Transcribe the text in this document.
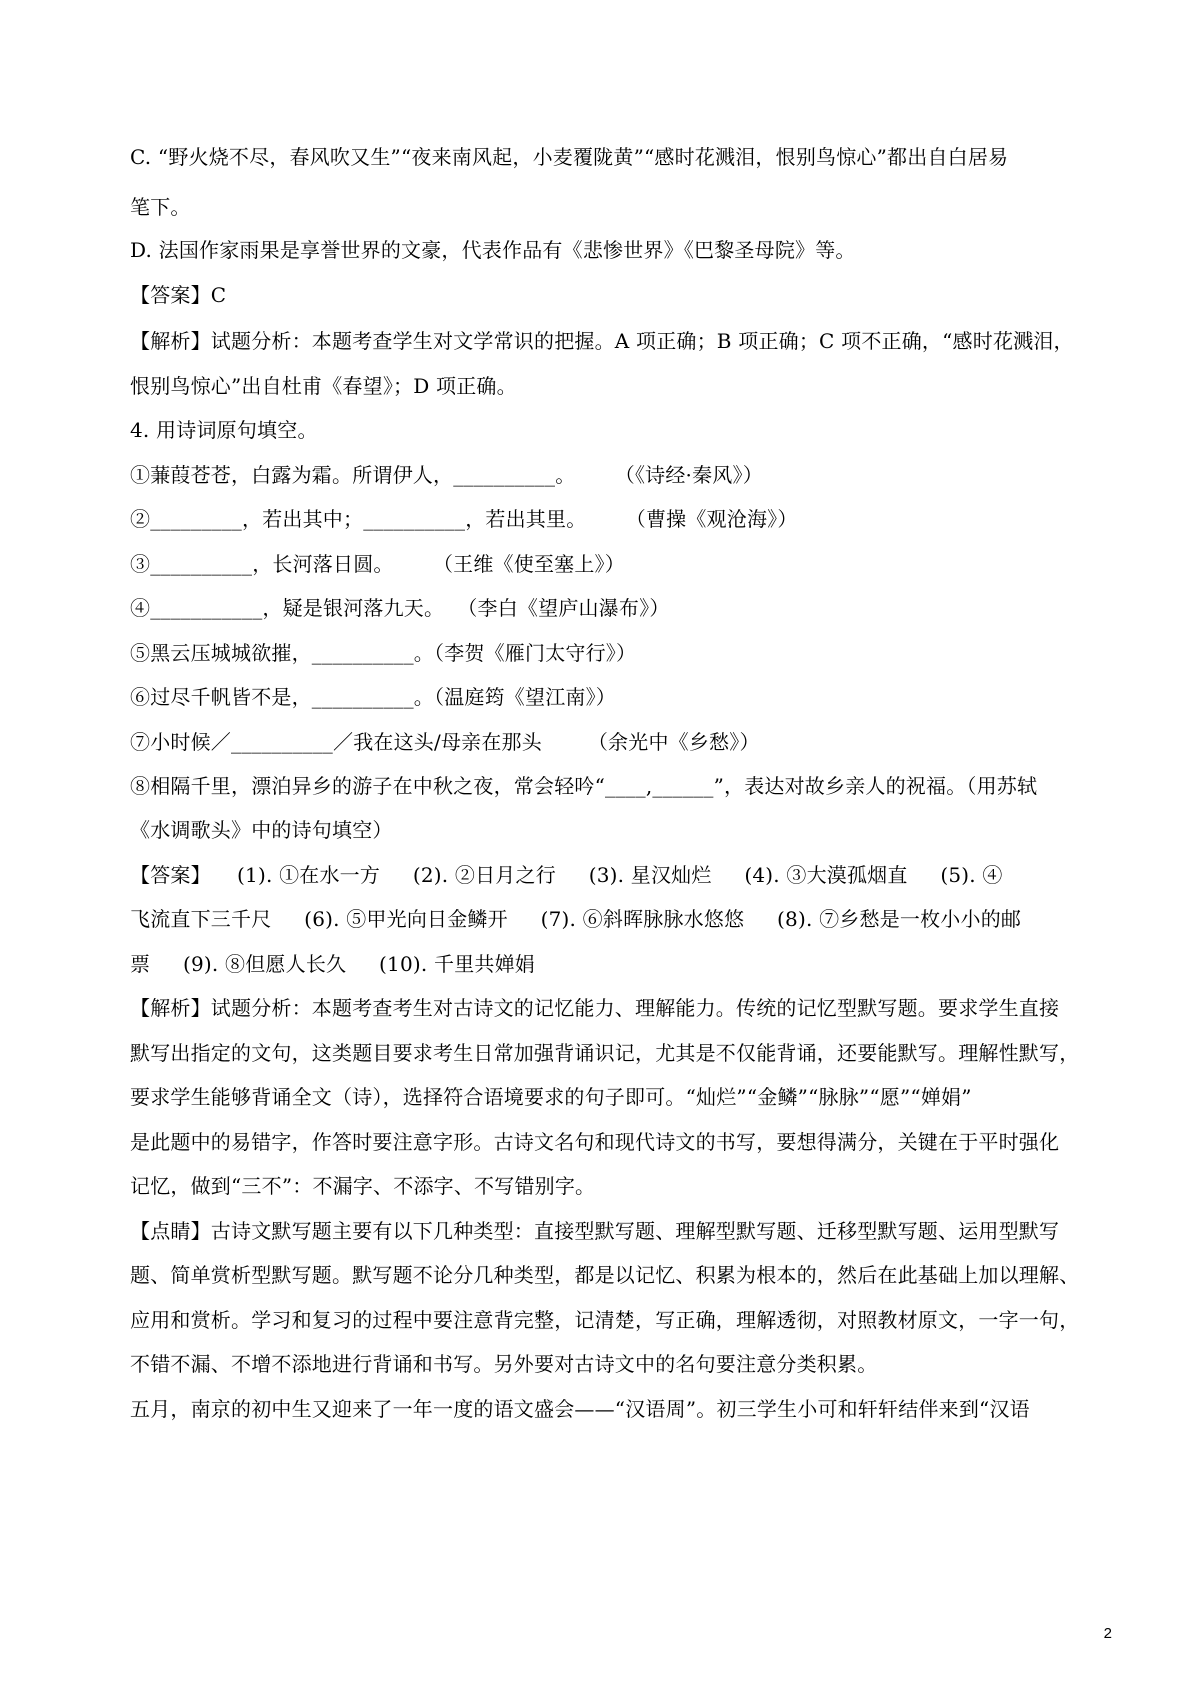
C. “野火烧不尽，春风吹又生”“夜来南风起，小麦覆陇黄”“感时花溅泪，恨别鸟惊心”都出自白居易
笔下。
D. 法国作家雨果是享誉世界的文豪，代表作品有《悲惨世界》《巴黎圣母院》等。
【答案】C
【解析】试题分析：本题考查学生对文学常识的把握。A 项正确；B 项正确；C 项不正确，“感时花溅泪，
恨别鸟惊心”出自杜甫《春望》；D 项正确。
4. 用诗词原句填空。
①蒹葭苍苍，白露为霜。所谓伊人，__________。      （《诗经·秦风》）
②_________，若出其中；__________，若出其里。      （曹操《观沧海》）
③__________，长河落日圆。      （王维《使至塞上》）
④___________，疑是银河落九天。  （李白《望庐山瀑布》）
⑤黑云压城城欲摧，__________。（李贺《雁门太守行》）
⑥过尽千帆皆不是，__________。（温庭筠《望江南》）
⑦小时候／__________／我在这头/母亲在那头       （余光中《乡愁》）
⑧相隔千里，漂泊异乡的游子在中秋之夜，常会轻吟“____,______”，表达对故乡亲人的祝福。（用苏轼
《水调歌头》中的诗句填空）
【答案】    (1). ①在水一方     (2). ②日月之行     (3). 星汉灿烂     (4). ③大漠孤烟直     (5). ④
飞流直下三千尺     (6). ⑤甲光向日金鳞开     (7). ⑥斜晖脉脉水悠悠     (8). ⑦乡愁是一枚小小的邮
票     (9). ⑧但愿人长久     (10). 千里共婵娟
【解析】试题分析：本题考查考生对古诗文的记忆能力、理解能力。传统的记忆型默写题。要求学生直接
默写出指定的文句，这类题目要求考生日常加强背诵识记，尤其是不仅能背诵，还要能默写。理解性默写，
要求学生能够背诵全文（诗），选择符合语境要求的句子即可。“灿烂”“金鳞”“脉脉”“愿”“婵娟”
是此题中的易错字，作答时要注意字形。古诗文名句和现代诗文的书写，要想得满分，关键在于平时强化
记忆，做到“三不”：不漏字、不添字、不写错别字。
【点睛】古诗文默写题主要有以下几种类型：直接型默写题、理解型默写题、迁移型默写题、运用型默写
题、简单赏析型默写题。默写题不论分几种类型，都是以记忆、积累为根本的，然后在此基础上加以理解、
应用和赏析。学习和复习的过程中要注意背完整，记清楚，写正确，理解透彻，对照教材原文，一字一句，
不错不漏、不增不添地进行背诵和书写。另外要对古诗文中的名句要注意分类积累。
五月，南京的初中生又迎来了一年一度的语文盛会——“汉语周”。初三学生小可和轩轩结伴来到“汉语
2
